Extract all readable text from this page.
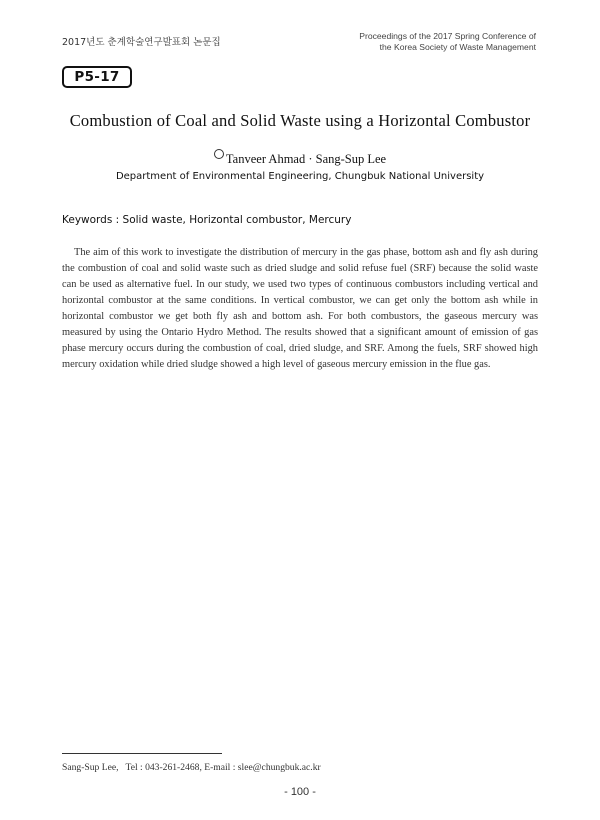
2017년도 춘계학술연구발표회 논문집
Proceedings of the 2017 Spring Conference of
the Korea Society of Waste Management
P5-17
Combustion of Coal and Solid Waste using a Horizontal Combustor
Tanveer Ahmad · Sang-Sup Lee
Department of Environmental Engineering, Chungbuk National University
Keywords : Solid waste, Horizontal combustor, Mercury

The aim of this work to investigate the distribution of mercury in the gas phase, bottom ash and fly ash during the combustion of coal and solid waste such as dried sludge and solid refuse fuel (SRF) because the solid waste can be used as alternative fuel. In our study, we used two types of continuous combustors including vertical and horizontal combustor at the same conditions. In vertical combustor, we can get only the bottom ash while in horizontal combustor we get both fly ash and bottom ash. For both combustors, the gaseous mercury was measured by using the Ontario Hydro Method. The results showed that a significant amount of emission of gas phase mercury occurs during the combustion of coal, dried sludge, and SRF. Among the fuels, SRF showed high mercury oxidation while dried sludge showed a high level of gaseous mercury emission in the flue gas.

Sang-Sup Lee,   Tel : 043-261-2468, E-mail : slee@chungbuk.ac.kr
- 100 -
